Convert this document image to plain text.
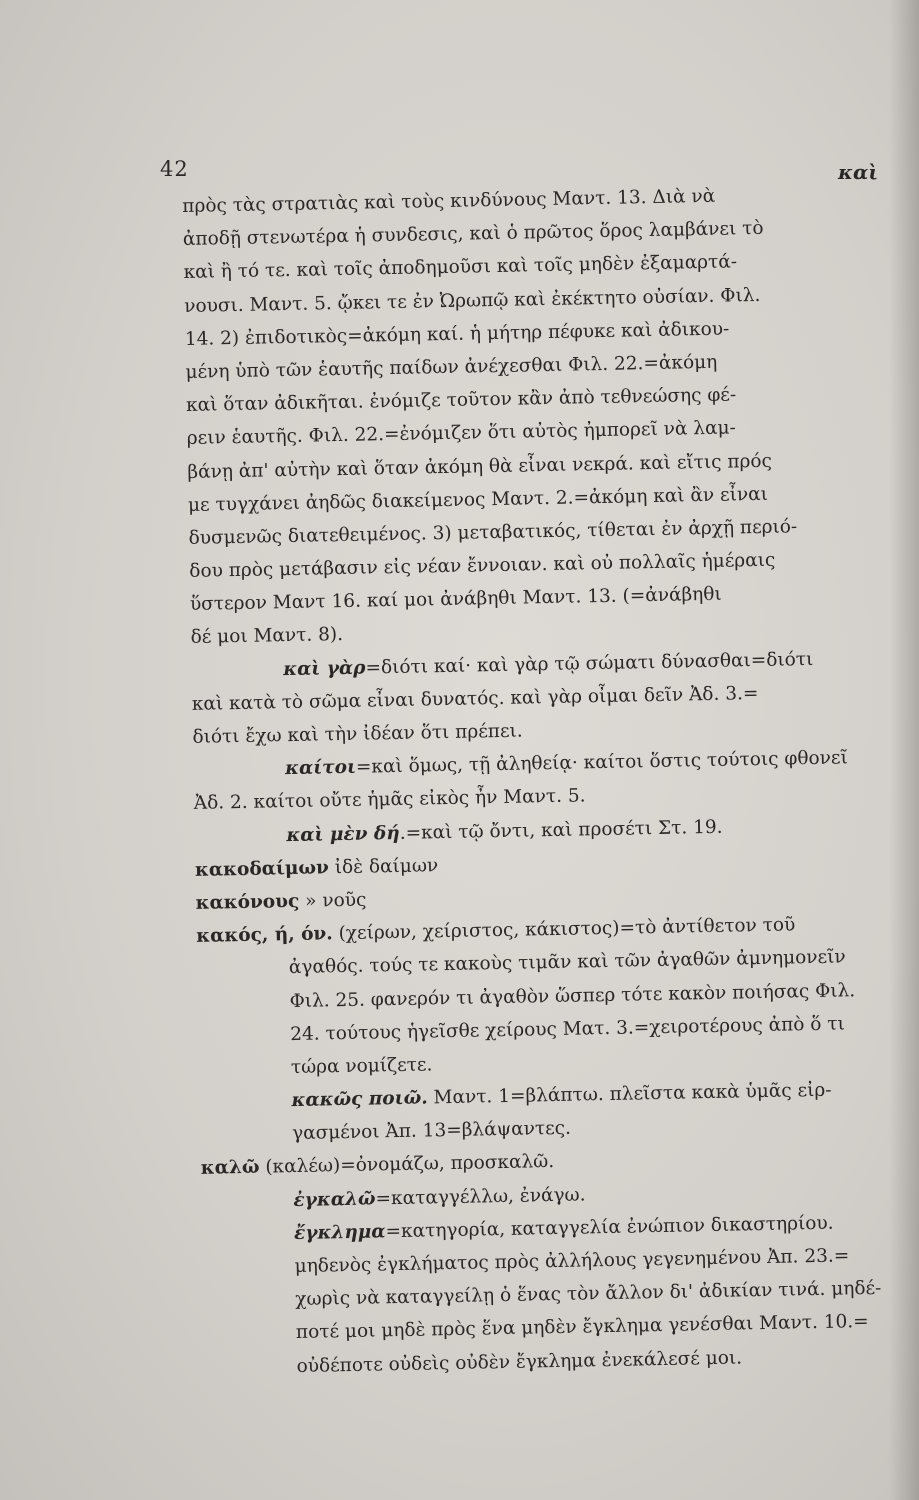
42	καὶ
πρὸς τὰς στρατιὰς καὶ τοὺς κινδύνους Μαντ. 13. Διὰ νὰ
ἀποδῇ στενωτέρα ἡ συνδεσις, καὶ ὁ πρῶτος ὅρος λαμβάνει τὸ
καὶ ἢ τό τε. καὶ τοῖς ἀποδημοῦσι καὶ τοῖς μηδὲν ἐξαμαρτά-
νουσι. Μαντ. 5. ᾤκει τε ἐν Ὠρωπῷ καὶ ἐκέκτητο οὐσίαν. Φιλ.
14. 2) ἐπιδοτικὸς=ἀκόμη καί. ἡ μήτηρ πέφυκε καὶ ἀδικου-
μένη ὑπὸ τῶν ἑαυτῆς παίδων ἀνέχεσθαι Φιλ. 22.=ἀκόμη
καὶ ὅταν ἀδικῆται. ἐνόμιζε τοῦτον κἂν ἀπὸ τεθνεώσης φέ-
ρειν ἑαυτῆς. Φιλ. 22.=ἐνόμιζεν ὅτι αὐτὸς ἠμπορεῖ νὰ λαμ-
βάνῃ ἀπ' αὐτὴν καὶ ὅταν ἀκόμη θὰ εἶναι νεκρά. καὶ εἴτις πρός
με τυγχάνει ἀηδῶς διακείμενος Μαντ. 2.=ἀκόμη καὶ ἂν εἶναι
δυσμενῶς διατεθειμένος. 3) μεταβατικός, τίθεται ἐν ἀρχῇ περιό-
δου πρὸς μετάβασιν εἰς νέαν ἔννοιαν. καὶ οὐ πολλαῖς ἡμέραις
ὕστερον Μαντ 16. καί μοι ἀνάβηθι Μαντ. 13. (=ἀνάβηθι
δέ μοι Μαντ. 8).
καὶ γὰρ=διότι καί· καὶ γὰρ τῷ σώματι δύνασθαι=διότι
καὶ κατὰ τὸ σῶμα εἶναι δυνατός. καὶ γὰρ οἶμαι δεῖν Ἀδ. 3.=
διότι ἔχω καὶ τὴν ἰδέαν ὅτι πρέπει.
καίτοι=καὶ ὅμως, τῇ ἀληθείᾳ· καίτοι ὅστις τούτοις φθονεῖ
Ἀδ. 2. καίτοι οὔτε ἡμᾶς εἰκὸς ἦν Μαντ. 5.
καὶ μὲν δή.=καὶ τῷ ὄντι, καὶ προσέτι Στ. 19.
κακοδαίμων ἰδὲ δαίμων
κακόνους » νοῦς
κακός, ή, όν. (χείρων, χείριστος, κάκιστος)=τὸ ἀντίθετον τοῦ
ἀγαθός. τούς τε κακοὺς τιμᾶν καὶ τῶν ἀγαθῶν ἀμνημονεῖν
Φιλ. 25. φανερόν τι ἀγαθὸν ὥσπερ τότε κακὸν ποιήσας Φιλ.
24. τούτους ἡγεῖσθε χείρους Ματ. 3.=χειροτέρους ἀπὸ ὅ τι
τώρα νομίζετε.
κακῶς ποιῶ. Μαντ. 1=βλάπτω. πλεῖστα κακὰ ὑμᾶς εἰρ-
γασμένοι Ἀπ. 13=βλάψαντες.
καλῶ (καλέω)=ὀνομάζω, προσκαλῶ.
ἐγκαλῶ=καταγγέλλω, ἐνάγω.
ἔγκλημα=κατηγορία, καταγγελία ἐνώπιον δικαστηρίου.
μηδενὸς ἐγκλήματος πρὸς ἀλλήλους γεγενημένου Ἀπ. 23.=
χωρὶς νὰ καταγγείλῃ ὁ ἕνας τὸν ἄλλον δι' ἀδικίαν τινά. μηδέ-
ποτέ μοι μηδὲ πρὸς ἕνα μηδὲν ἔγκλημα γενέσθαι Μαντ. 10.=
οὐδέποτε οὐδεὶς οὐδὲν ἔγκλημα ἐνεκάλεσέ μοι.
